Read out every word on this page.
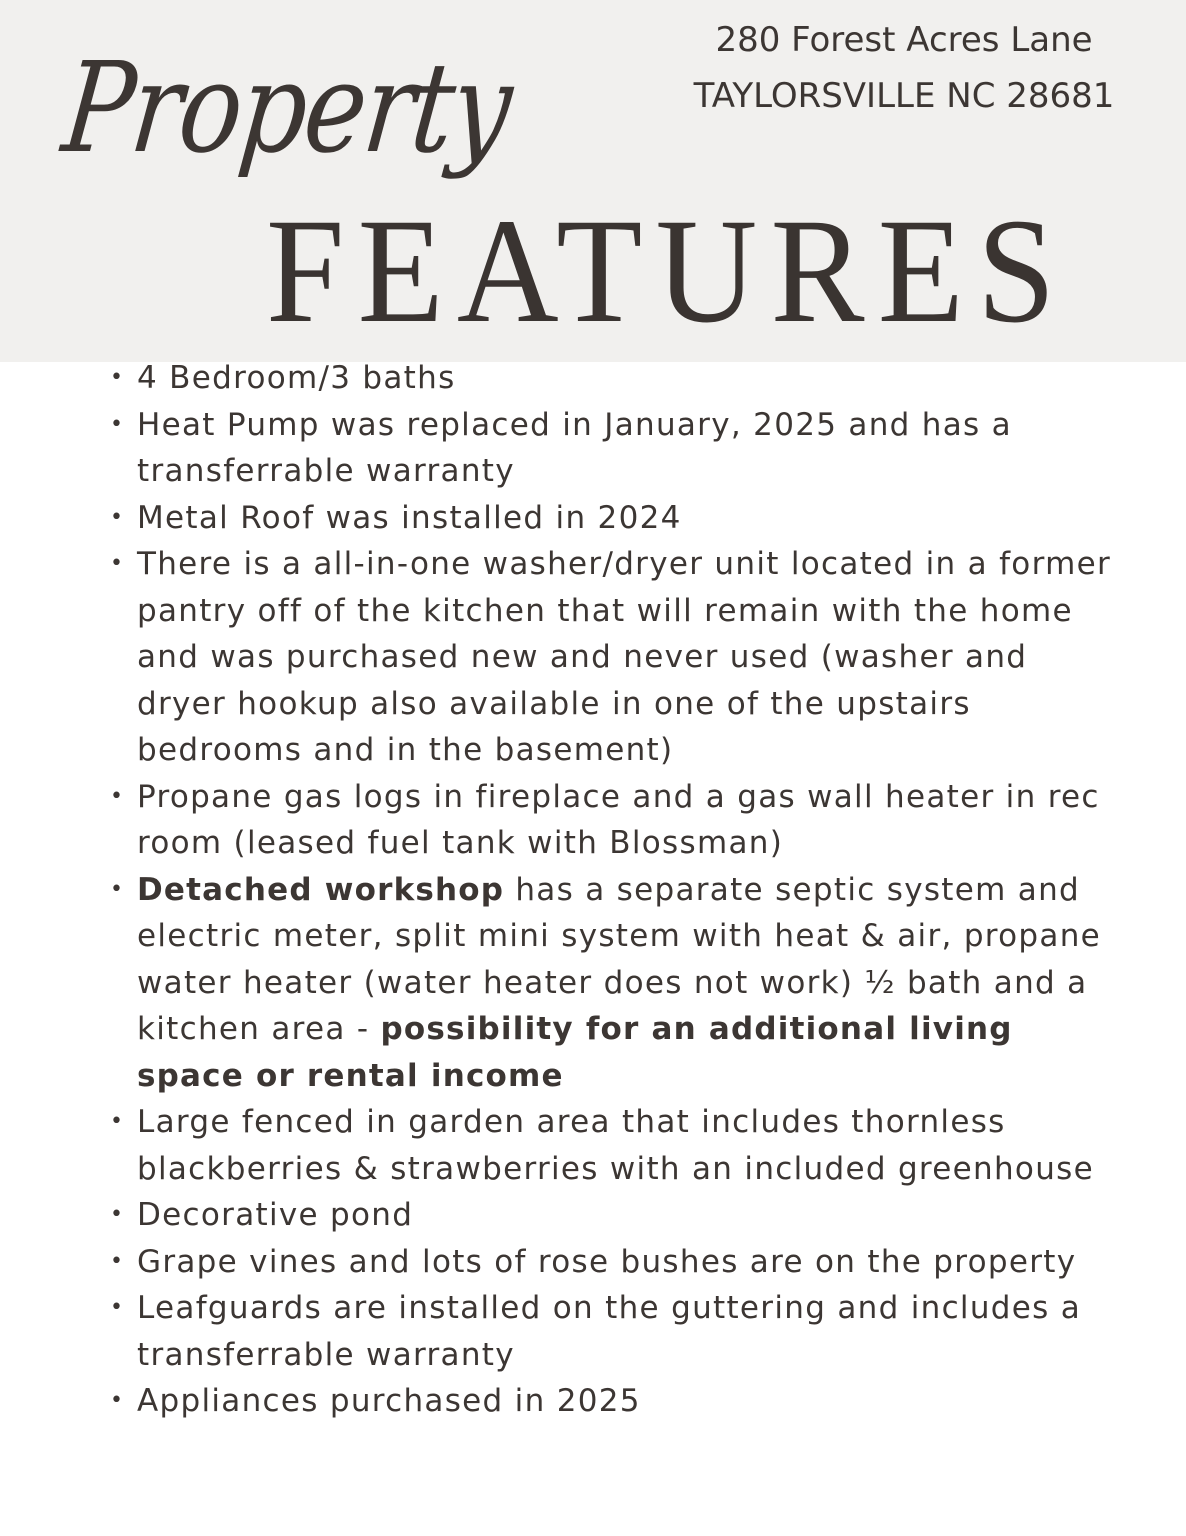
Property	280 Forest Acres Lane
TAYLORSVILLE NC 28681
FEATURES
• 4 Bedroom/3 baths
• Heat Pump was replaced in January, 2025 and has a transferrable warranty
• Metal Roof was installed in 2024
• There is a all-in-one washer/dryer unit located in a former pantry off of the kitchen that will remain with the home and was purchased new and never used (washer and dryer hookup also available in one of the upstairs bedrooms and in the basement)
• Propane gas logs in fireplace and a gas wall heater in rec room (leased fuel tank with Blossman)
• Detached workshop has a separate septic system and electric meter, split mini system with heat & air, propane water heater (water heater does not work) ½ bath and a kitchen area - possibility for an additional living space or rental income
• Large fenced in garden area that includes thornless blackberries & strawberries with an included greenhouse
• Decorative pond
• Grape vines and lots of rose bushes are on the property
• Leafguards are installed on the guttering and includes a transferrable warranty
• Appliances purchased in 2025
